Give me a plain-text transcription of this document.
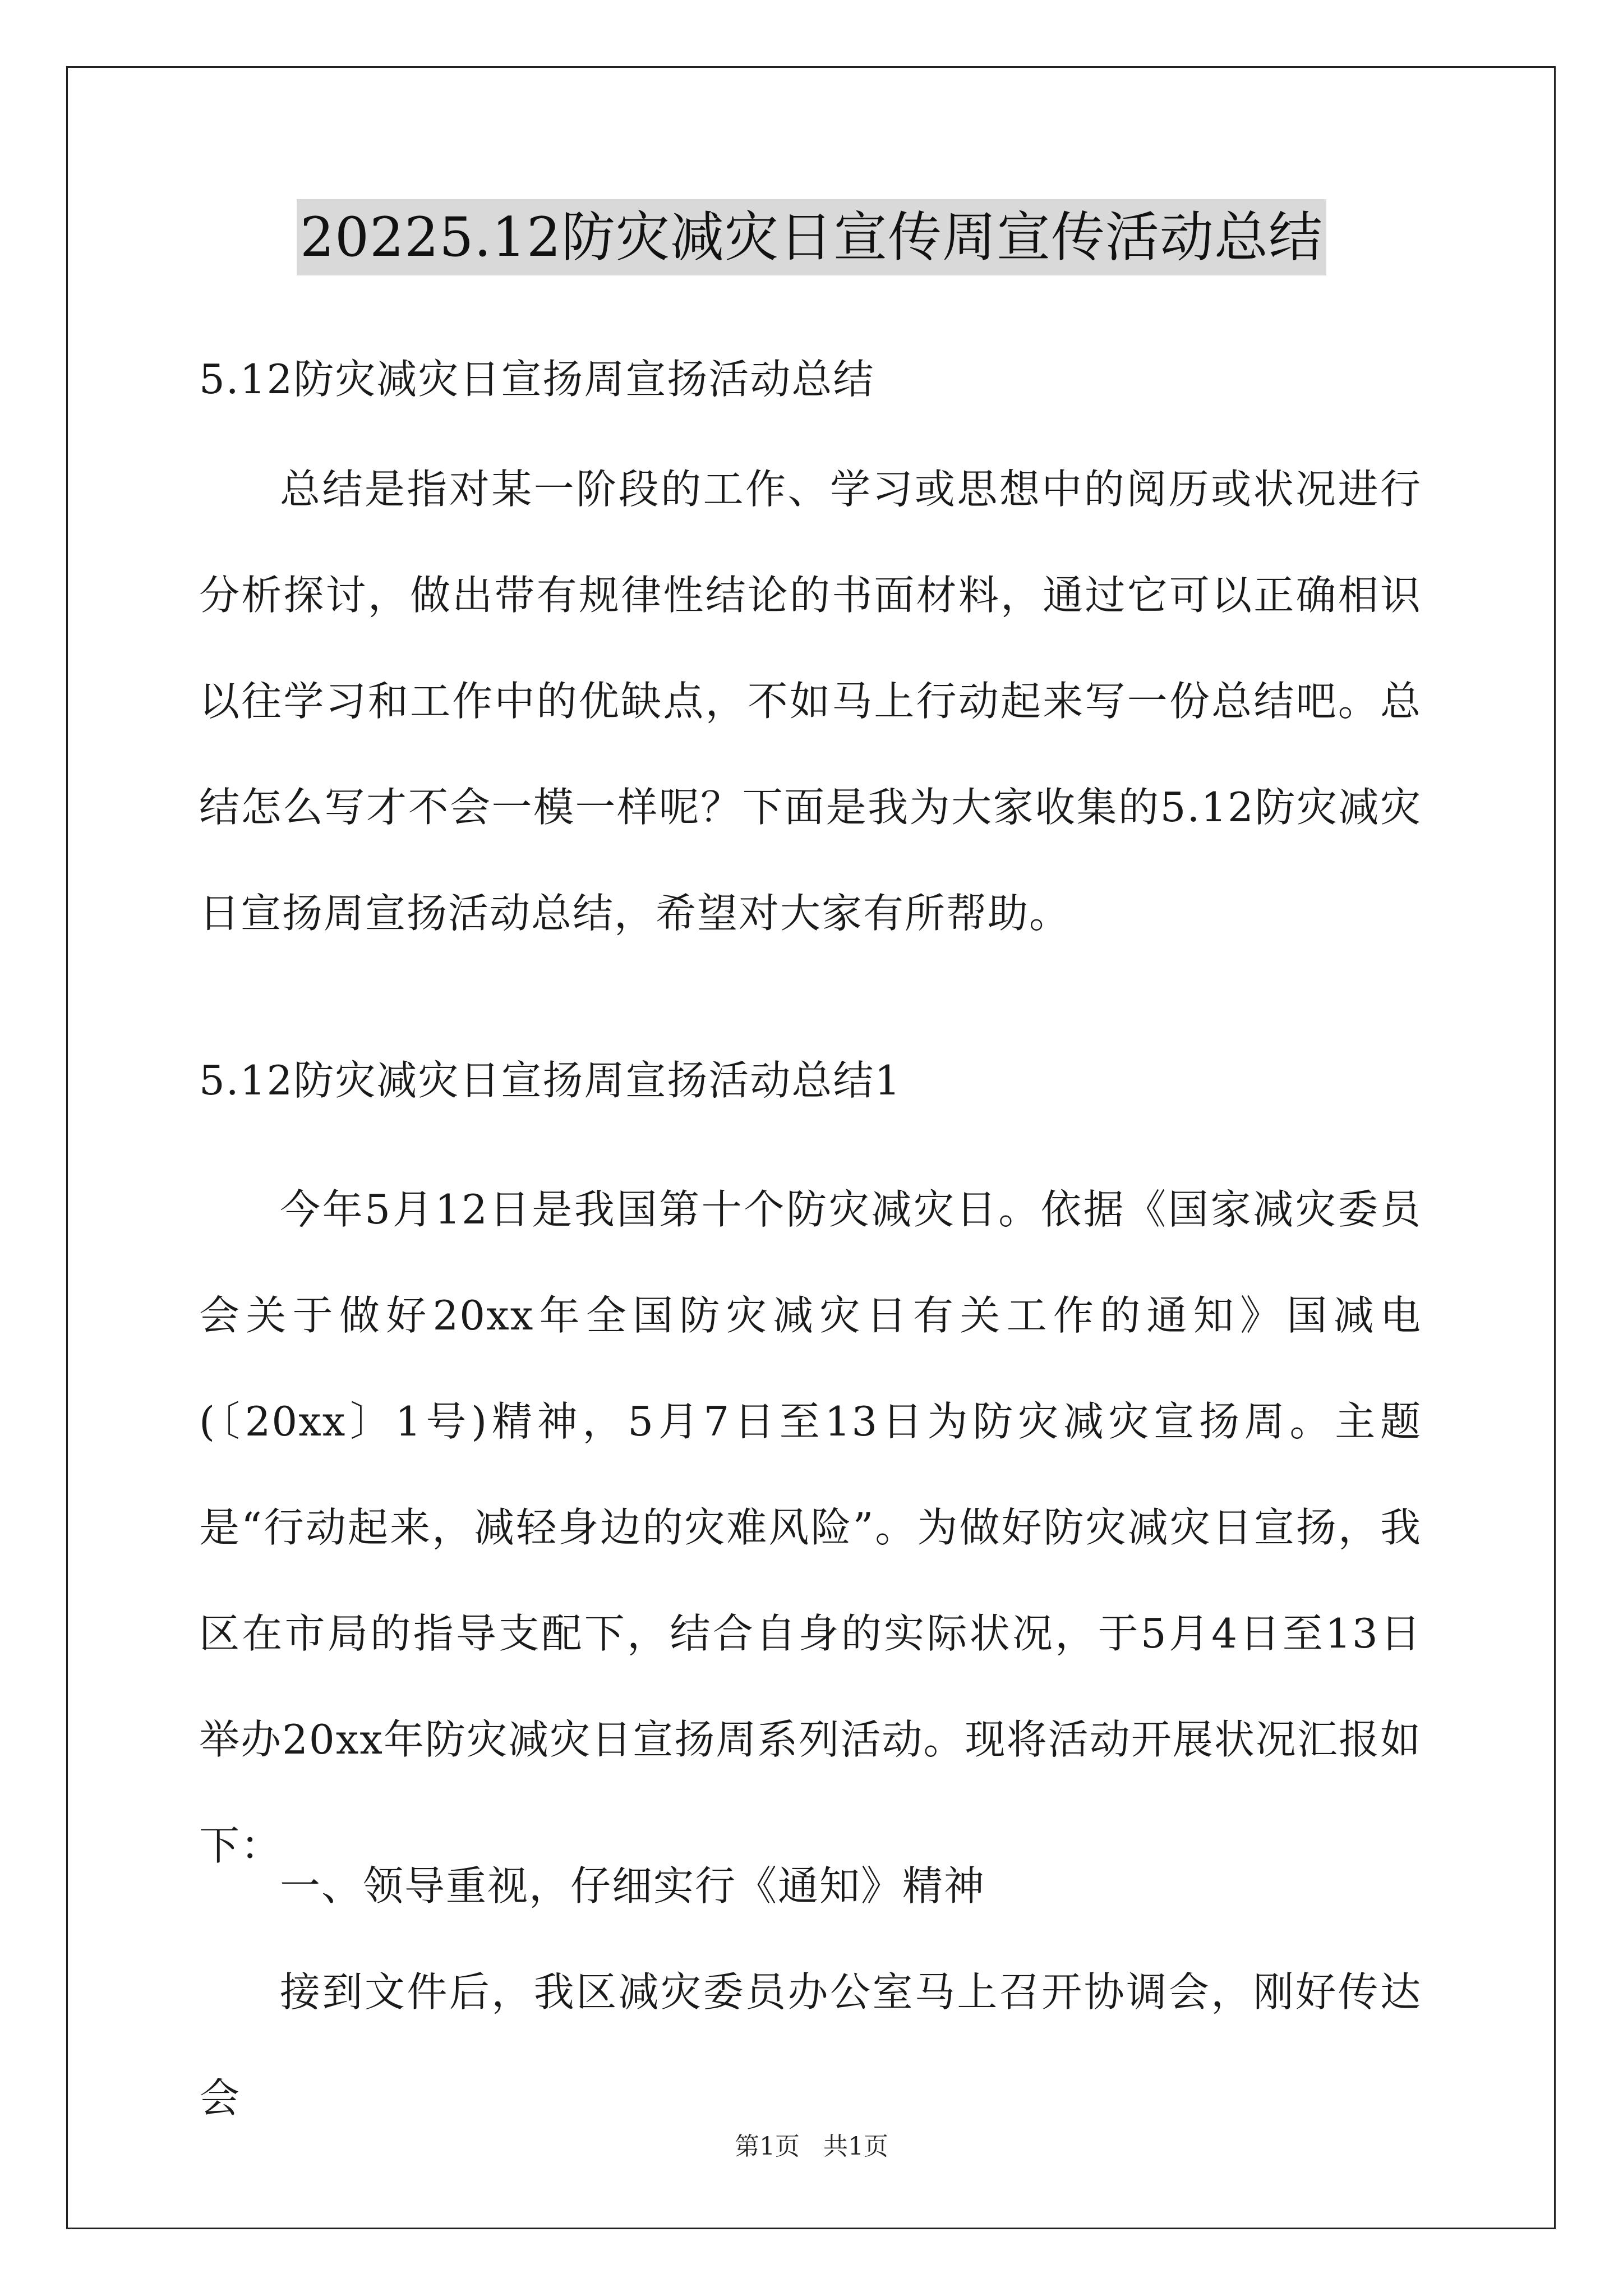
20225.12防灾减灾日宣传周宣传活动总结
5.12防灾减灾日宣扬周宣扬活动总结

总结是指对某一阶段的工作、学习或思想中的阅历或状况进行分析探讨，做出带有规律性结论的书面材料，通过它可以正确相识以往学习和工作中的优缺点，不如马上行动起来写一份总结吧。总结怎么写才不会一模一样呢？下面是我为大家收集的5.12防灾减灾日宣扬周宣扬活动总结，希望对大家有所帮助。

5.12防灾减灾日宣扬周宣扬活动总结1

今年5月12日是我国第十个防灾减灾日。依据《国家减灾委员会关于做好20xx年全国防灾减灾日有关工作的通知》国减电(〔20xx〕1号)精神，5月7日至13日为防灾减灾宣扬周。主题是“行动起来，减轻身边的灾难风险”。为做好防灾减灾日宣扬，我区在市局的指导支配下，结合自身的实际状况，于5月4日至13日举办20xx年防灾减灾日宣扬周系列活动。现将活动开展状况汇报如下：

一、领导重视，仔细实行《通知》精神

接到文件后，我区减灾委员办公室马上召开协调会，刚好传达会

第1页   共1页
